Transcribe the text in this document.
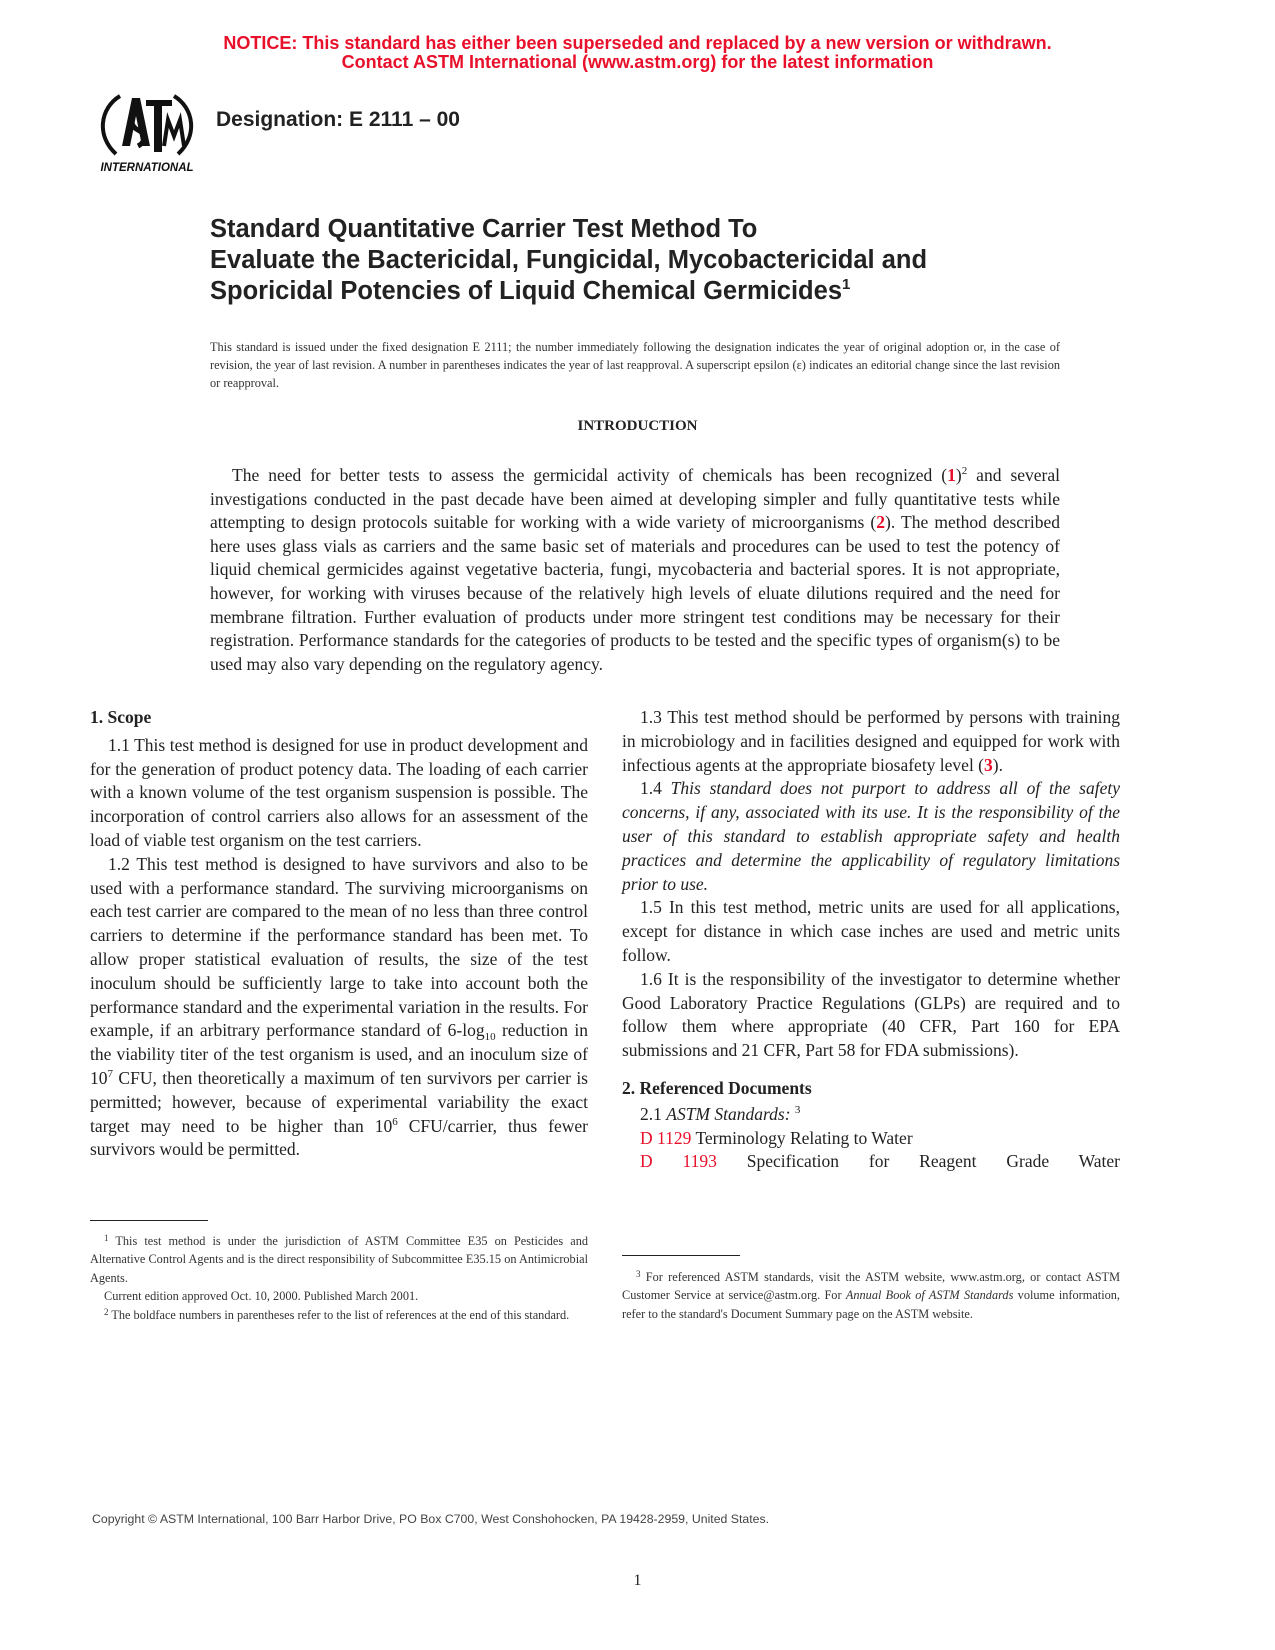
NOTICE: This standard has either been superseded and replaced by a new version or withdrawn.
Contact ASTM International (www.astm.org) for the latest information
INTERNATIONAL
Designation: E 2111 – 00
Standard Quantitative Carrier Test Method To
Evaluate the Bactericidal, Fungicidal, Mycobactericidal and
Sporicidal Potencies of Liquid Chemical Germicides$^1$
This standard is issued under the fixed designation E 2111; the number immediately following the designation indicates the year of original adoption or, in the case of revision, the year of last revision. A number in parentheses indicates the year of last reapproval. A superscript epsilon (ε) indicates an editorial change since the last revision or reapproval.
INTRODUCTION
The need for better tests to assess the germicidal activity of chemicals has been recognized $(1)^2$ and several investigations conducted in the past decade have been aimed at developing simpler and fully quantitative tests while attempting to design protocols suitable for working with a wide variety of microorganisms (2). The method described here uses glass vials as carriers and the same basic set of materials and procedures can be used to test the potency of liquid chemical germicides against vegetative bacteria, fungi, mycobacteria and bacterial spores. It is not appropriate, however, for working with viruses because of the relatively high levels of eluate dilutions required and the need for membrane filtration. Further evaluation of products under more stringent test conditions may be necessary for their registration. Performance standards for the categories of products to be tested and the specific types of organism(s) to be used may also vary depending on the regulatory agency.
1. Scope

1.1 This test method is designed for use in product development and for the generation of product potency data. The loading of each carrier with a known volume of the test organism suspension is possible. The incorporation of control carriers also allows for an assessment of the load of viable test organism on the test carriers.

1.2 This test method is designed to have survivors and also to be used with a performance standard. The surviving microorganisms on each test carrier are compared to the mean of no less than three control carriers to determine if the performance standard has been met. To allow proper statistical evaluation of results, the size of the test inoculum should be sufficiently large to take into account both the performance standard and the experimental variation in the results. For example, if an arbitrary performance standard of $6-\log_{10}$ reduction in the viability titer of the test organism is used, and an inoculum size of $10^7$ CFU, then theoretically a maximum of ten survivors per carrier is permitted; however, because of experimental variability the exact target may need to be higher than $10^6$ CFU/carrier, thus fewer survivors would be permitted.

$^1$ This test method is under the jurisdiction of ASTM Committee E35 on Pesticides and Alternative Control Agents and is the direct responsibility of Subcommittee E35.15 on Antimicrobial Agents.

Current edition approved Oct. 10, 2000. Published March 2001.

$^2$ The boldface numbers in parentheses refer to the list of references at the end of this standard.

1.3 This test method should be performed by persons with training in microbiology and in facilities designed and equipped for work with infectious agents at the appropriate biosafety level (3).

1.4 This standard does not purport to address all of the safety concerns, if any, associated with its use. It is the responsibility of the user of this standard to establish appropriate safety and health practices and determine the applicability of regulatory limitations prior to use.

1.5 In this test method, metric units are used for all applications, except for distance in which case inches are used and metric units follow.

1.6 It is the responsibility of the investigator to determine whether Good Laboratory Practice Regulations (GLPs) are required and to follow them where appropriate (40 CFR, Part 160 for EPA submissions and 21 CFR, Part 58 for FDA submissions).

2. Referenced Documents

2.1 ASTM Standards: $^3$

D 1129 Terminology Relating to Water

D 1193 Specification for Reagent Grade Water

$^3$ For referenced ASTM standards, visit the ASTM website, www.astm.org, or contact ASTM Customer Service at service@astm.org. For Annual Book of ASTM Standards volume information, refer to the standard's Document Summary page on the ASTM website.

Copyright © ASTM International, 100 Barr Harbor Drive, PO Box C700, West Conshohocken, PA 19428-2959, United States.
1
